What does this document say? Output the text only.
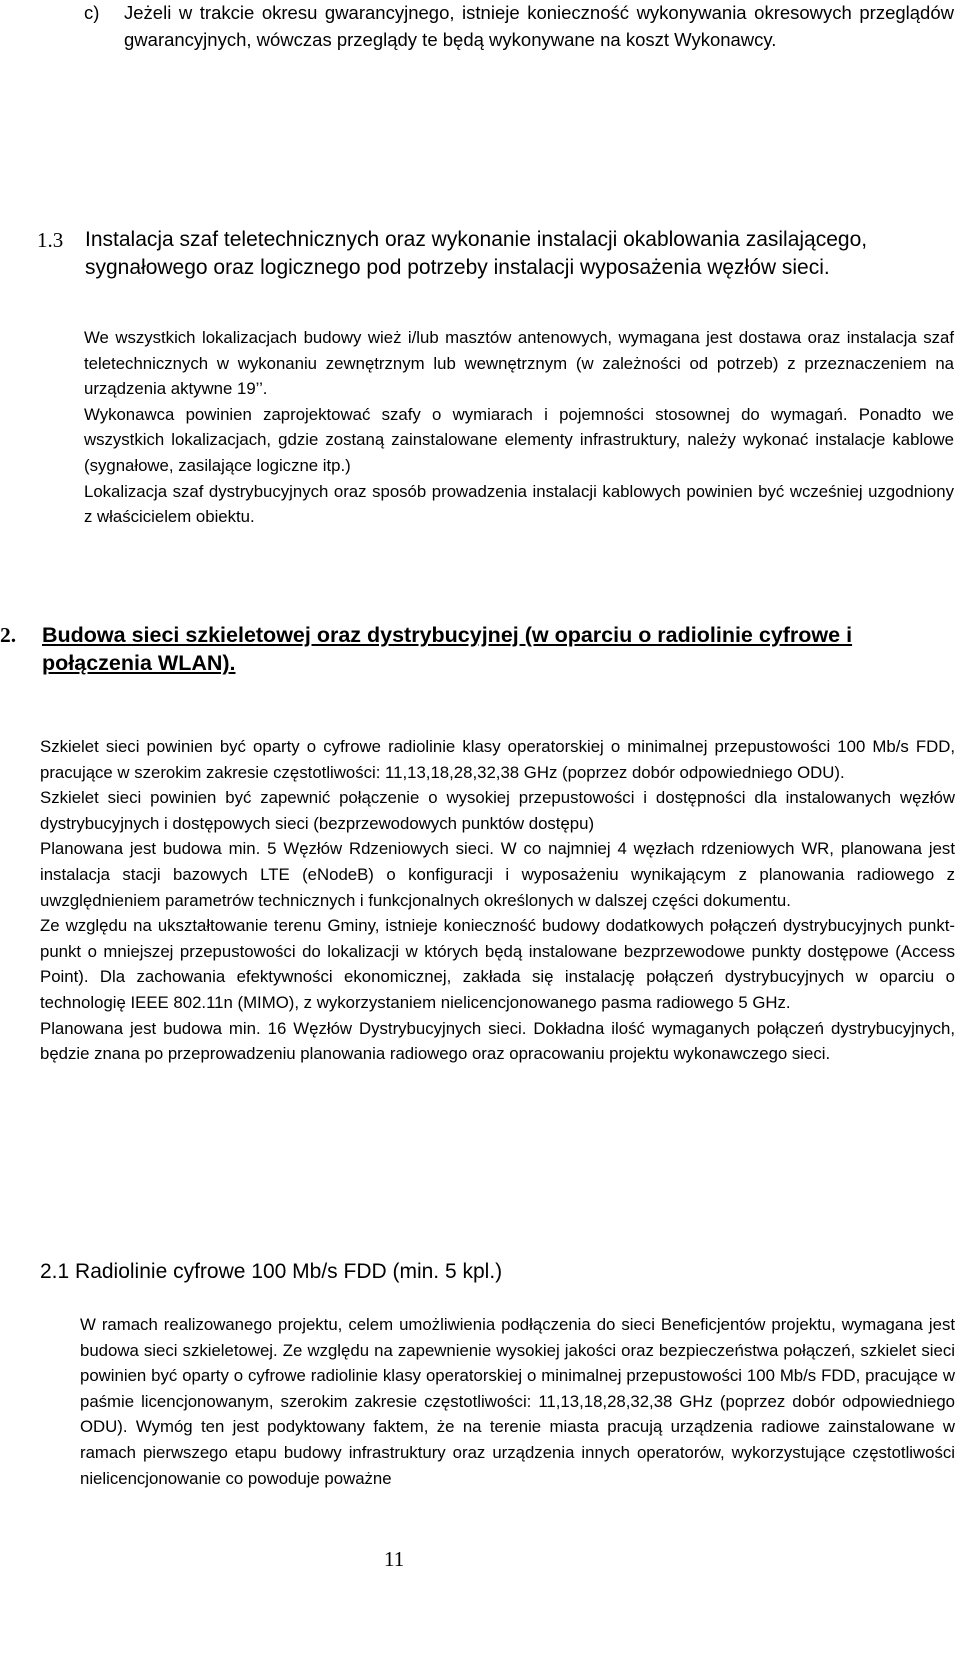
c) Jeżeli w trakcie okresu gwarancyjnego, istnieje konieczność wykonywania okresowych przeglądów gwarancyjnych, wówczas przeglądy te będą wykonywane na koszt Wykonawcy.
1.3 Instalacja szaf teletechnicznych oraz wykonanie instalacji okablowania zasilającego, sygnałowego oraz logicznego pod potrzeby instalacji wyposażenia węzłów sieci.

We wszystkich lokalizacjach budowy wież i/lub masztów antenowych, wymagana jest dostawa oraz instalacja szaf teletechnicznych w wykonaniu zewnętrznym lub wewnętrznym (w zależności od potrzeb) z przeznaczeniem na urządzenia aktywne 19’’.

Wykonawca powinien zaprojektować szafy o wymiarach i pojemności stosownej do wymagań. Ponadto we wszystkich lokalizacjach, gdzie zostaną zainstalowane elementy infrastruktury, należy wykonać instalacje kablowe (sygnałowe, zasilające logiczne itp.)

Lokalizacja szaf dystrybucyjnych oraz sposób prowadzenia instalacji kablowych powinien być wcześniej uzgodniony z właścicielem obiektu.

2. Budowa sieci szkieletowej oraz dystrybucyjnej (w oparciu o radiolinie cyfrowe i połączenia WLAN).

Szkielet sieci powinien być oparty o cyfrowe radiolinie klasy operatorskiej o minimalnej przepustowości 100 Mb/s FDD, pracujące w szerokim zakresie częstotliwości: 11,13,18,28,32,38 GHz (poprzez dobór odpowiedniego ODU).

Szkielet sieci powinien być zapewnić połączenie o wysokiej przepustowości i dostępności dla instalowanych węzłów dystrybucyjnych i dostępowych sieci (bezprzewodowych punktów dostępu)

Planowana jest budowa min. 5 Węzłów Rdzeniowych sieci. W co najmniej 4 węzłach rdzeniowych WR, planowana jest instalacja stacji bazowych LTE (eNodeB) o konfiguracji i wyposażeniu wynikającym z planowania radiowego z uwzględnieniem parametrów technicznych i funkcjonalnych określonych w dalszej części dokumentu.

Ze względu na ukształtowanie terenu Gminy, istnieje konieczność budowy dodatkowych połączeń dystrybucyjnych punkt-punkt o mniejszej przepustowości do lokalizacji w których będą instalowane bezprzewodowe punkty dostępowe (Access Point). Dla zachowania efektywności ekonomicznej, zakłada się instalację połączeń dystrybucyjnych w oparciu o technologię IEEE 802.11n (MIMO), z wykorzystaniem nielicencjonowanego pasma radiowego 5 GHz.

Planowana jest budowa min. 16 Węzłów Dystrybucyjnych sieci. Dokładna ilość wymaganych połączeń dystrybucyjnych, będzie znana po przeprowadzeniu planowania radiowego oraz opracowaniu projektu wykonawczego sieci.

2.1 Radiolinie cyfrowe 100 Mb/s FDD (min. 5 kpl.)

W ramach realizowanego projektu, celem umożliwienia podłączenia do sieci Beneficjentów projektu, wymagana jest budowa sieci szkieletowej. Ze względu na zapewnienie wysokiej jakości oraz bezpieczeństwa połączeń, szkielet sieci powinien być oparty o cyfrowe radiolinie klasy operatorskiej o minimalnej przepustowości 100 Mb/s FDD, pracujące w paśmie licencjonowanym, szerokim zakresie częstotliwości: 11,13,18,28,32,38 GHz (poprzez dobór odpowiedniego ODU). Wymóg ten jest podyktowany faktem, że na terenie miasta pracują urządzenia radiowe zainstalowane w ramach pierwszego etapu budowy infrastruktury oraz urządzenia innych operatorów, wykorzystujące częstotliwości nielicencjonowanie co powoduje poważne

11
